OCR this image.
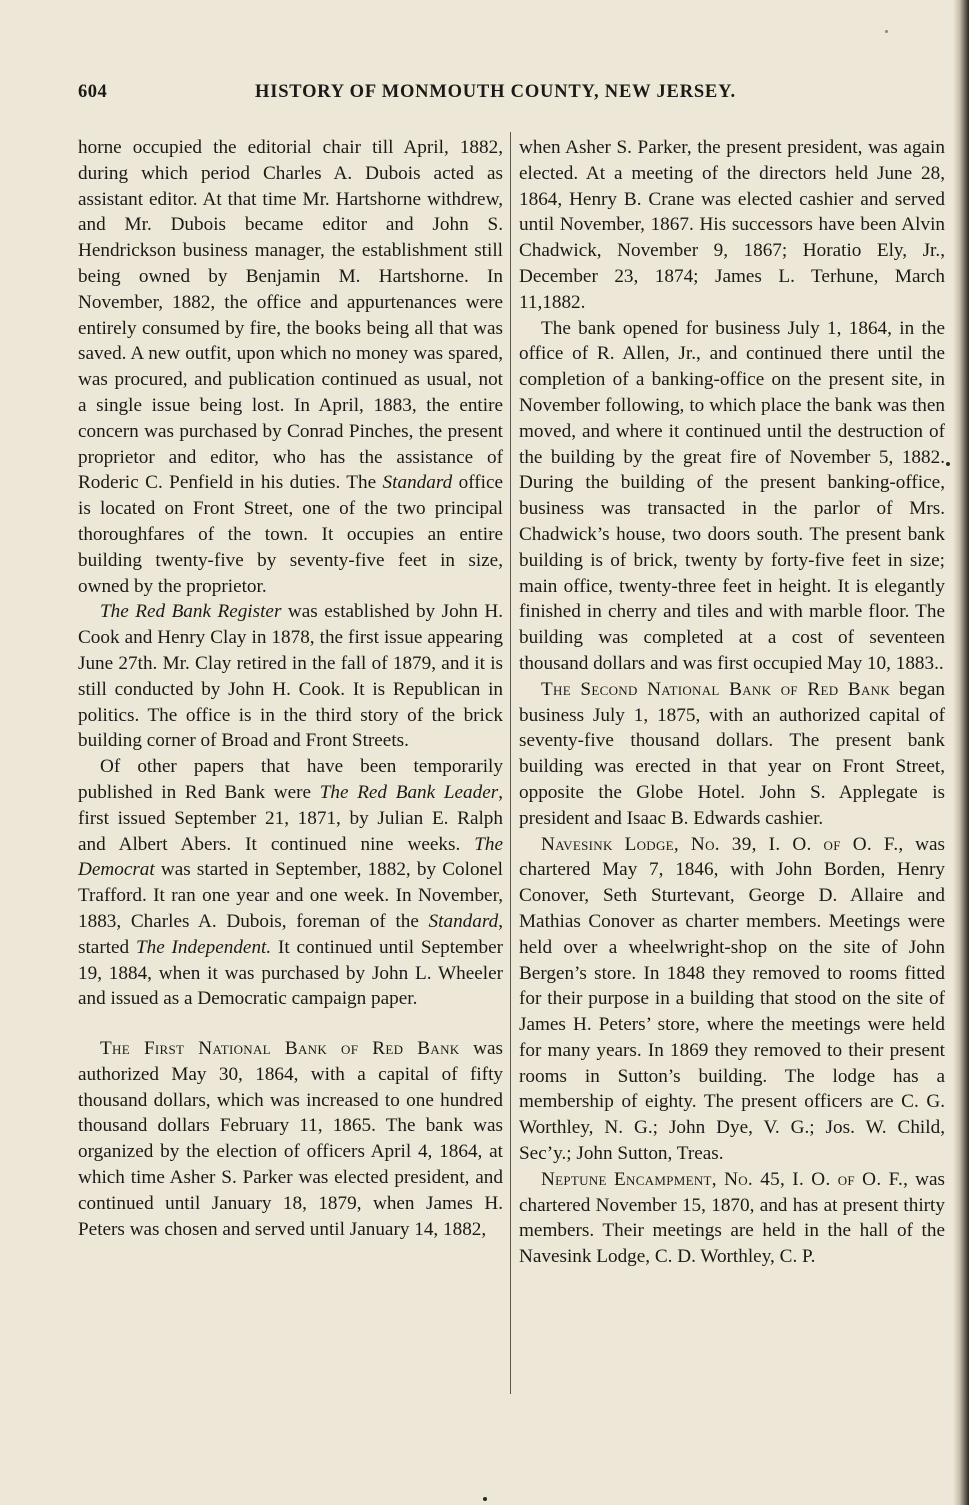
604	HISTORY OF MONMOUTH COUNTY, NEW JERSEY.

horne occupied the editorial chair till April, 1882, during which period Charles A. Dubois acted as assistant editor. At that time Mr. Hartshorne withdrew, and Mr. Dubois became editor and John S. Hendrickson business manager, the establishment still being owned by Benjamin M. Hartshorne. In November, 1882, the office and appurtenances were entirely consumed by fire, the books being all that was saved. A new outfit, upon which no money was spared, was procured, and publication continued as usual, not a single issue being lost. In April, 1883, the entire concern was purchased by Conrad Pinches, the present proprietor and editor, who has the assistance of Roderic C. Penfield in his duties. The Standard office is located on Front Street, one of the two principal thoroughfares of the town. It occupies an entire building twenty-five by seventy-five feet in size, owned by the proprietor.

The Red Bank Register was established by John H. Cook and Henry Clay in 1878, the first issue appearing June 27th. Mr. Clay retired in the fall of 1879, and it is still conducted by John H. Cook. It is Republican in politics. The office is in the third story of the brick building corner of Broad and Front Streets.

Of other papers that have been temporarily published in Red Bank were The Red Bank Leader, first issued September 21, 1871, by Julian E. Ralph and Albert Abers. It continued nine weeks. The Democrat was started in September, 1882, by Colonel Trafford. It ran one year and one week. In November, 1883, Charles A. Dubois, foreman of the Standard, started The Independent. It continued until September 19, 1884, when it was purchased by John L. Wheeler and issued as a Democratic campaign paper.

The First National Bank of Red Bank was authorized May 30, 1864, with a capital of fifty thousand dollars, which was increased to one hundred thousand dollars February 11, 1865. The bank was organized by the election of officers April 4, 1864, at which time Asher S. Parker was elected president, and continued until January 18, 1879, when James H. Peters was chosen and served until January 14, 1882,

when Asher S. Parker, the present president, was again elected. At a meeting of the directors held June 28, 1864, Henry B. Crane was elected cashier and served until November, 1867. His successors have been Alvin Chadwick, November 9, 1867; Horatio Ely, Jr., December 23, 1874; James L. Terhune, March 11,1882.

The bank opened for business July 1, 1864, in the office of R. Allen, Jr., and continued there until the completion of a banking-office on the present site, in November following, to which place the bank was then moved, and where it continued until the destruction of the building by the great fire of November 5, 1882. During the building of the present banking-office, business was transacted in the parlor of Mrs. Chadwick’s house, two doors south. The present bank building is of brick, twenty by forty-five feet in size; main office, twenty-three feet in height. It is elegantly finished in cherry and tiles and with marble floor. The building was completed at a cost of seventeen thousand dollars and was first occupied May 10, 1883..

The Second National Bank of Red Bank began business July 1, 1875, with an authorized capital of seventy-five thousand dollars. The present bank building was erected in that year on Front Street, opposite the Globe Hotel. John S. Applegate is president and Isaac B. Edwards cashier.

Navesink Lodge, No. 39, I. O. of O. F., was chartered May 7, 1846, with John Borden, Henry Conover, Seth Sturtevant, George D. Allaire and Mathias Conover as charter members. Meetings were held over a wheelwright-shop on the site of John Bergen’s store. In 1848 they removed to rooms fitted for their purpose in a building that stood on the site of James H. Peters’ store, where the meetings were held for many years. In 1869 they removed to their present rooms in Sutton’s building. The lodge has a membership of eighty. The present officers are C. G. Worthley, N. G.; John Dye, V. G.; Jos. W. Child, Sec’y.; John Sutton, Treas.

Neptune Encampment, No. 45, I. O. of O. F., was chartered November 15, 1870, and has at present thirty members. Their meetings are held in the hall of the Navesink Lodge, C. D. Worthley, C. P.
